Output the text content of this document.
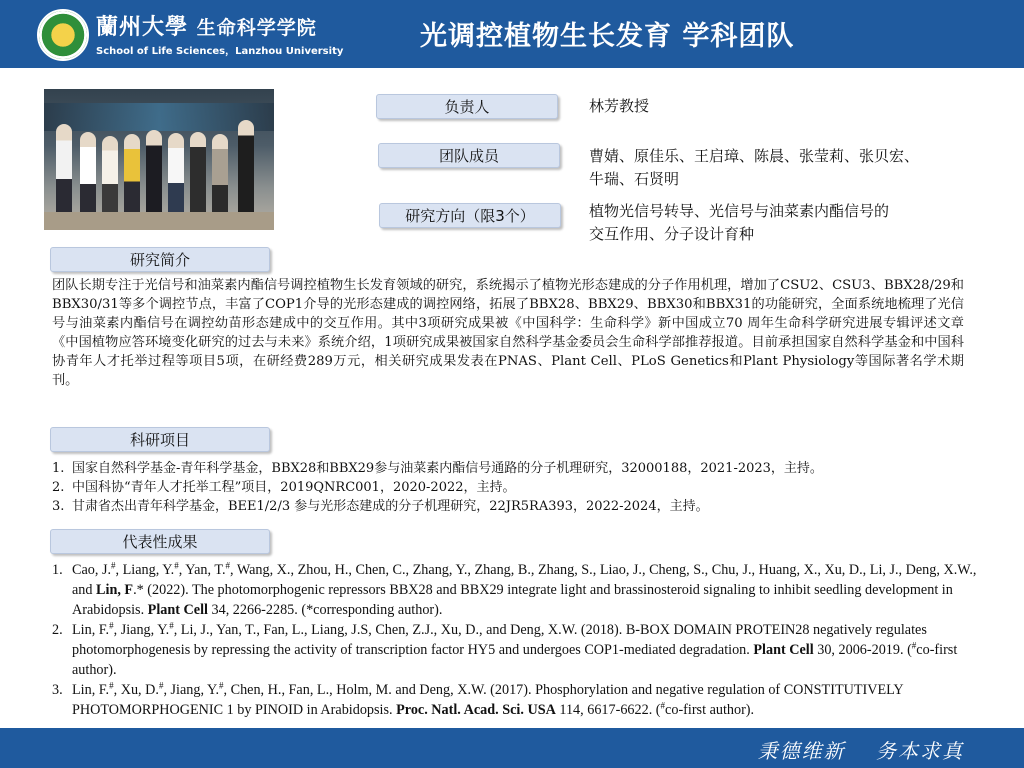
蘭州大學 生命科学学院
School of Life Sciences，Lanzhou University	光调控植物生长发育 学科团队
负责人	林芳教授
团队成员	曹婧、原佳乐、王启璋、陈晨、张莹莉、张贝宏、
牛瑞、石贤明
研究方向（限3个）	植物光信号转导、光信号与油菜素内酯信号的
交互作用、分子设计育种
研究简介
团队长期专注于光信号和油菜素内酯信号调控植物生长发育领域的研究，系统揭示了植物光形态建成的分子作用机理，增加了CSU2、CSU3、BBX28/29和BBX30/31等多个调控节点，丰富了COP1介导的光形态建成的调控网络，拓展了BBX28、BBX29、BBX30和BBX31的功能研究，全面系统地梳理了光信号与油菜素内酯信号在调控幼苗形态建成中的交互作用。其中3项研究成果被《中国科学：生命科学》新中国成立70 周年生命科学研究进展专辑评述文章《中国植物应答环境变化研究的过去与未来》系统介绍，1项研究成果被国家自然科学基金委员会生命科学部推荐报道。目前承担国家自然科学基金和中国科协青年人才托举过程等项目5项，在研经费289万元，相关研究成果发表在PNAS、Plant Cell、PLoS Genetics和Plant Physiology等国际著名学术期刊。
科研项目
1. 国家自然科学基金-青年科学基金，BBX28和BBX29参与油菜素内酯信号通路的分子机理研究，32000188，2021-2023，主持。
2. 中国科协“青年人才托举工程”项目，2019QNRC001，2020-2022，主持。
3. 甘肃省杰出青年科学基金，BEE1/2/3 参与光形态建成的分子机理研究，22JR5RA393，2022-2024，主持。
代表性成果
1. Cao, J.#, Liang, Y.#, Yan, T.#, Wang, X., Zhou, H., Chen, C., Zhang, Y., Zhang, B., Zhang, S., Liao, J., Cheng, S., Chu, J., Huang, X., Xu, D., Li, J., Deng, X.W., and Lin, F.* (2022). The photomorphogenic repressors BBX28 and BBX29 integrate light and brassinosteroid signaling to inhibit seedling development in Arabidopsis. Plant Cell 34, 2266-2285. (*corresponding author).
2. Lin, F.#, Jiang, Y.#, Li, J., Yan, T., Fan, L., Liang, J.S, Chen, Z.J., Xu, D., and Deng, X.W. (2018). B-BOX DOMAIN PROTEIN28 negatively regulates photomorphogenesis by repressing the activity of transcription factor HY5 and undergoes COP1-mediated degradation. Plant Cell 30, 2006-2019. (#co-first author).
3. Lin, F.#, Xu, D.#, Jiang, Y.#, Chen, H., Fan, L., Holm, M. and Deng, X.W. (2017). Phosphorylation and negative regulation of CONSTITUTIVELY PHOTOMORPHOGENIC 1 by PINOID in Arabidopsis. Proc. Natl. Acad. Sci. USA 114, 6617-6622. (#co-first author).
秉德维新　 务本求真
